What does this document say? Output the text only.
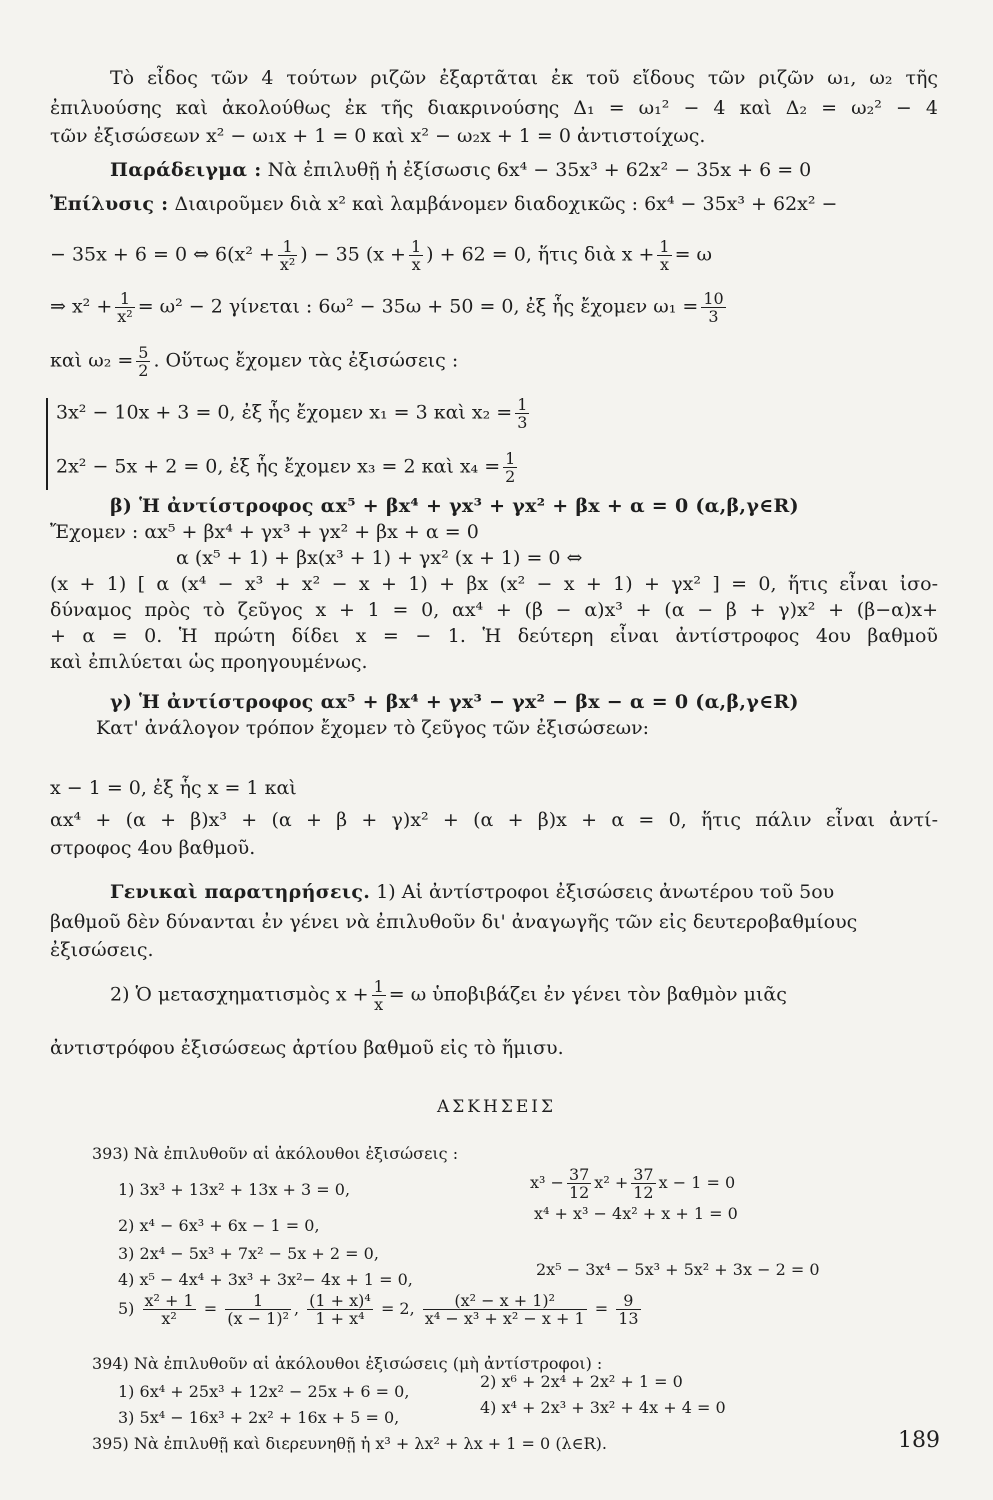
Τὸ εἶδος τῶν 4 τούτων ριζῶν ἐξαρτᾶται ἐκ τοῦ εἴδους τῶν ριζῶν ω₁, ω₂ τῆς
ἐπιλυούσης καὶ ἀκολούθως ἐκ τῆς διακρινούσης Δ₁ = ω₁² − 4 καὶ Δ₂ = ω₂² − 4
τῶν ἐξισώσεων x² − ω₁x + 1 = 0 καὶ x² − ω₂x + 1 = 0 ἀντιστοίχως.
Παράδειγμα : Νὰ ἐπιλυθῇ ἡ ἐξίσωσις 6x⁴ − 35x³ + 62x² − 35x + 6 = 0
Ἐπίλυσις : Διαιροῦμεν διὰ x² καὶ λαμβάνομεν διαδοχικῶς : 6x⁴ − 35x³ + 62x² −
− 35x + 6 = 0 ⇔ $6(x^2 + \frac{1}{\text{x²}}$ ) − 35 ($x + \frac{1}{x}$ ) + 62 = 0, ἥτις διὰ $x + \frac{1}{x} = \omega$
⇒ $x^2 + \frac{1}{\text{x²}} = \omega^2 - 2$ γίνεται : 6ω² − 35ω + 50 = 0, ἐξ ἧς ἔχομεν $\omega_1 = \frac{10}{3}$
καὶ $\omega_2 = \frac{5}{2}$ . Οὕτως ἔχομεν τὰς ἐξισώσεις :
3x² − 10x + 3 = 0, ἐξ ἧς ἔχομεν x₁ = 3 καὶ $x_2 = \frac{1}{3}$
2x² − 5x + 2 = 0, ἐξ ἧς ἔχομεν x₃ = 2 καὶ $x_4 = \frac{1}{2}$
β) Ἡ ἀντίστροφος αx⁵ + βx⁴ + γx³ + γx² + βx + α = 0 (α,β,γ∈R)
Ἔχομεν : αx⁵ + βx⁴ + γx³ + γx² + βx + α = 0
α (x⁵ + 1) + βx(x³ + 1) + γx² (x + 1) = 0 ⇔
(x + 1) [ α (x⁴ − x³ + x² − x + 1) + βx (x² − x + 1) + γx² ] = 0, ἥτις εἶναι ἰσο-
δύναμος πρὸς τὸ ζεῦγος x + 1 = 0, αx⁴ + (β − α)x³ + (α − β + γ)x² + (β−α)x+
+ α = 0. Ἡ πρώτη δίδει x = − 1. Ἡ δεύτερη εἶναι ἀντίστροφος 4ου βαθμοῦ
καὶ ἐπιλύεται ὡς προηγουμένως.
γ) Ἡ ἀντίστροφος αx⁵ + βx⁴ + γx³ − γx² − βx − α = 0 (α,β,γ∈R)
Κατ' ἀνάλογον τρόπον ἔχομεν τὸ ζεῦγος τῶν ἐξισώσεων:
x − 1 = 0, ἐξ ἧς x = 1 καὶ
αx⁴ + (α + β)x³ + (α + β + γ)x² + (α + β)x + α = 0, ἥτις πάλιν εἶναι ἀντί-
στροφος 4ου βαθμοῦ.
Γενικαὶ παρατηρήσεις. 1) Αἱ ἀντίστροφοι ἐξισώσεις ἀνωτέρου τοῦ 5ου
βαθμοῦ δὲν δύνανται ἐν γένει νὰ ἐπιλυθοῦν δι' ἀναγωγῆς τῶν εἰς δευτεροβαθμίους
ἐξισώσεις.
2) Ὁ μετασχηματισμὸς $x + \frac{1}{x} = \omega$ ὑποβιβάζει ἐν γένει τὸν βαθμὸν μιᾶς
ἀντιστρόφου ἐξισώσεως ἀρτίου βαθμοῦ εἰς τὸ ἥμισυ.
ΑΣΚΗΣΕΙΣ
393) Νὰ ἐπιλυθοῦν αἱ ἀκόλουθοι ἐξισώσεις :
1) 3x³ + 13x² + 13x + 3 = 0,	$x^3 - \frac{37}{12} x^2 + \frac{37}{12}$ x − 1 = 0
2) x⁴ − 6x³ + 6x − 1 = 0,
x⁴ + x³ − 4x² + x + 1 = 0
3) 2x⁴ − 5x³ + 7x² − 5x + 2 = 0,
4) x⁵ − 4x⁴ + 3x³ + 3x²− 4x + 1 = 0,
2x⁵ − 3x⁴ − 5x³ + 5x² + 3x − 2 = 0
$5) \frac{\text{x² + 1}}{\text{x²}} = \frac{1}{\text{(x − 1)²}}$ , $\frac{\text{(1 + x)⁴}}{\text{1 + x⁴}} = 2$, $\frac{\text{(x² − x + 1)²}}{\text{x⁴ − x³ + x² − x + 1}} = \frac{9}{13}$
394) Νὰ ἐπιλυθοῦν αἱ ἀκόλουθοι ἐξισώσεις (μὴ ἀντίστροφοι) :
1) 6x⁴ + 25x³ + 12x² − 25x + 6 = 0,
2) x⁶ + 2x⁴ + 2x² + 1 = 0
3) 5x⁴ − 16x³ + 2x² + 16x + 5 = 0,
4) x⁴ + 2x³ + 3x² + 4x + 4 = 0
395) Νὰ ἐπιλυθῇ καὶ διερευνηθῇ ἡ x³ + λx² + λx + 1 = 0 (λ∈R).	189
